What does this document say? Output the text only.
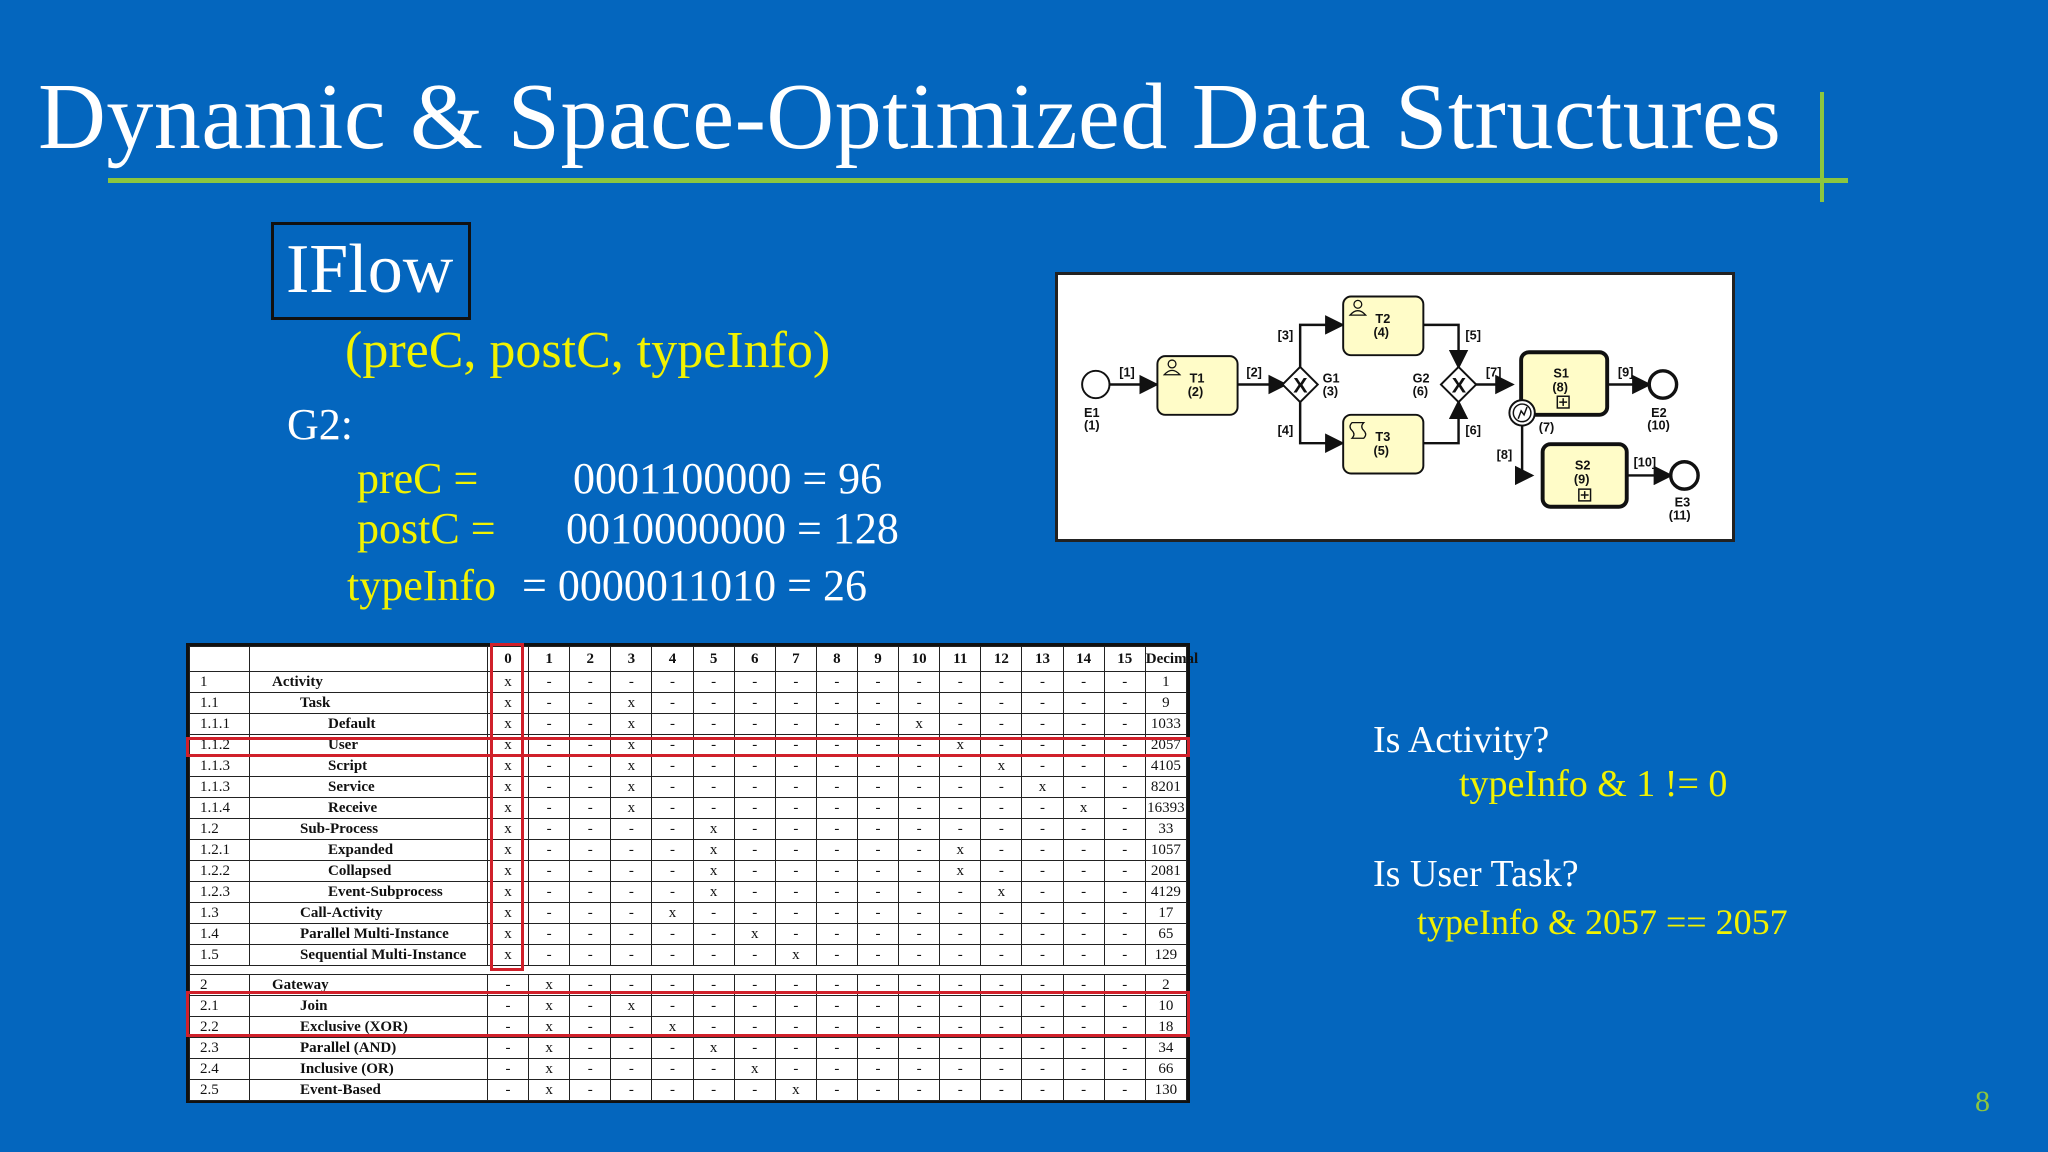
Dynamic & Space-Optimized Data Structures
IFlow
(preC, postC, typeInfo)
G2:
preC = 0001100000 = 96
postC = 0010000000 = 128
typeInfo = 0000011010 = 26
X	X
T1
(2)
T2
(4)
T3
(5)
S1
(8)
S2
(9)
E1
(1)
G1
(3)
G2
(6)
(7)
E2
(10)
E3
(11)
[1]	[2]
[3]
[4]
[5]
[6]
[7]
[8]
[9]
[10]
		0	1	2	3	4	5	6	7	8	9	10	11	12	13	14	15	Decimal
1	Activity	x	-	-	-	-	-	-	-	-	-	-	-	-	-	-	-	1
1.1	Task	x	-	-	x	-	-	-	-	-	-	-	-	-	-	-	-	9
1.1.1	Default	x	-	-	x	-	-	-	-	-	-	x	-	-	-	-	-	1033
1.1.2	User	x	-	-	x	-	-	-	-	-	-	-	x	-	-	-	-	2057
1.1.3	Script	x	-	-	x	-	-	-	-	-	-	-	-	x	-	-	-	4105
1.1.3	Service	x	-	-	x	-	-	-	-	-	-	-	-	-	x	-	-	8201
1.1.4	Receive	x	-	-	x	-	-	-	-	-	-	-	-	-	-	x	-	16393
1.2	Sub-Process	x	-	-	-	-	x	-	-	-	-	-	-	-	-	-	-	33
1.2.1	Expanded	x	-	-	-	-	x	-	-	-	-	-	x	-	-	-	-	1057
1.2.2	Collapsed	x	-	-	-	-	x	-	-	-	-	-	x	-	-	-	-	2081
1.2.3	Event-Subprocess	x	-	-	-	-	x	-	-	-	-	-	-	x	-	-	-	4129
1.3	Call-Activity	x	-	-	-	x	-	-	-	-	-	-	-	-	-	-	-	17
1.4	Parallel Multi-Instance	x	-	-	-	-	-	x	-	-	-	-	-	-	-	-	-	65
1.5	Sequential Multi-Instance	x	-	-	-	-	-	-	x	-	-	-	-	-	-	-	-	129

2	Gateway	-	x	-	-	-	-	-	-	-	-	-	-	-	-	-	-	2
2.1	Join	-	x	-	x	-	-	-	-	-	-	-	-	-	-	-	-	10
2.2	Exclusive (XOR)	-	x	-	-	x	-	-	-	-	-	-	-	-	-	-	-	18
2.3	Parallel (AND)	-	x	-	-	-	x	-	-	-	-	-	-	-	-	-	-	34
2.4	Inclusive (OR)	-	x	-	-	-	-	x	-	-	-	-	-	-	-	-	-	66
2.5	Event-Based	-	x	-	-	-	-	-	x	-	-	-	-	-	-	-	-	130
Is Activity?
typeInfo & 1 != 0
Is User Task?
typeInfo & 2057 == 2057
8
